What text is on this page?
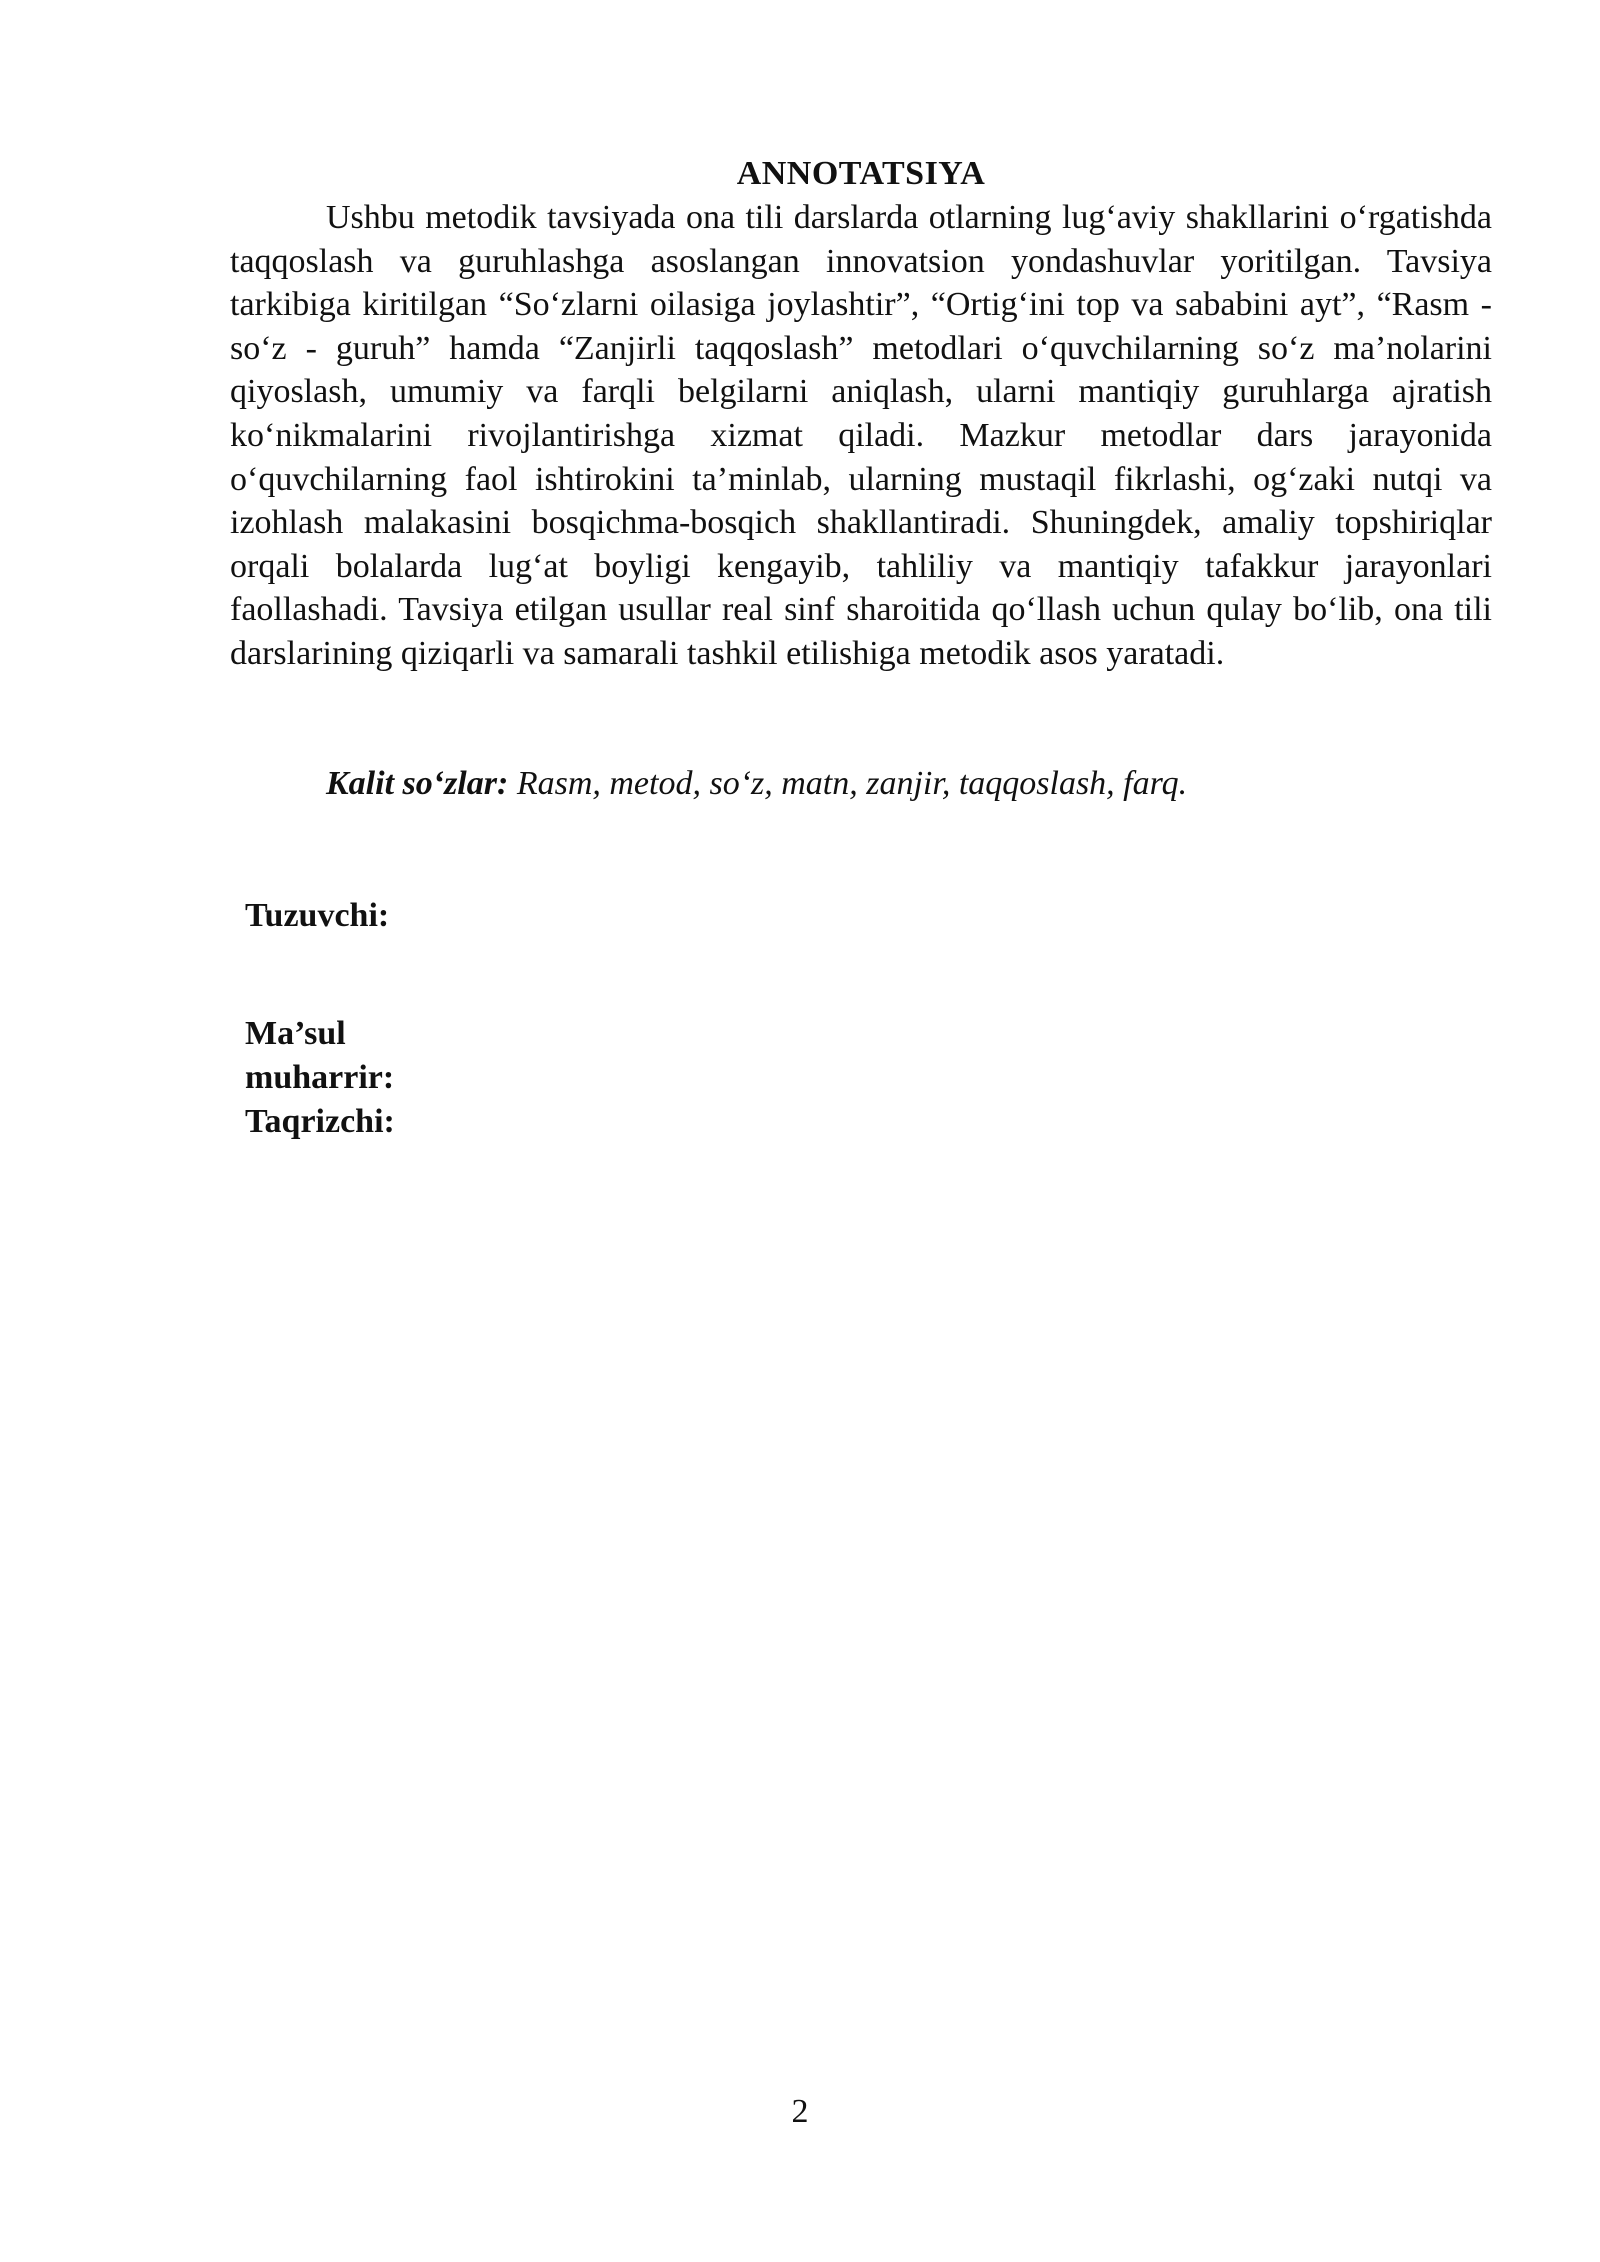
ANNOTATSIYA

Ushbu metodik tavsiyada ona tili darslarda otlarning lug‘aviy shakllarini o‘rgatishda taqqoslash va guruhlashga asoslangan innovatsion yondashuvlar yoritilgan. Tavsiya tarkibiga kiritilgan “So‘zlarni oilasiga joylashtir”, “Ortig‘ini top va sababini ayt”, “Rasm - so‘z - guruh” hamda “Zanjirli taqqoslash” metodlari o‘quvchilarning so‘z ma’nolarini qiyoslash, umumiy va farqli belgilarni aniqlash, ularni mantiqiy guruhlarga ajratish ko‘nikmalarini rivojlantirishga xizmat qiladi. Mazkur metodlar dars jarayonida o‘quvchilarning faol ishtirokini ta’minlab, ularning mustaqil fikrlashi, og‘zaki nutqi va izohlash malakasini bosqichma-bosqich shakllantiradi. Shuningdek, amaliy topshiriqlar orqali bolalarda lug‘at boyligi kengayib, tahliliy va mantiqiy tafakkur jarayonlari faollashadi. Tavsiya etilgan usullar real sinf sharoitida qo‘llash uchun qulay bo‘lib, ona tili darslarining qiziqarli va samarali tashkil etilishiga metodik asos yaratadi.

Kalit so‘zlar: Rasm, metod, so‘z, matn, zanjir, taqqoslash, farq.

Tuzuvchi:

Ma’sul

muharrir:

Taqrizchi:

2
